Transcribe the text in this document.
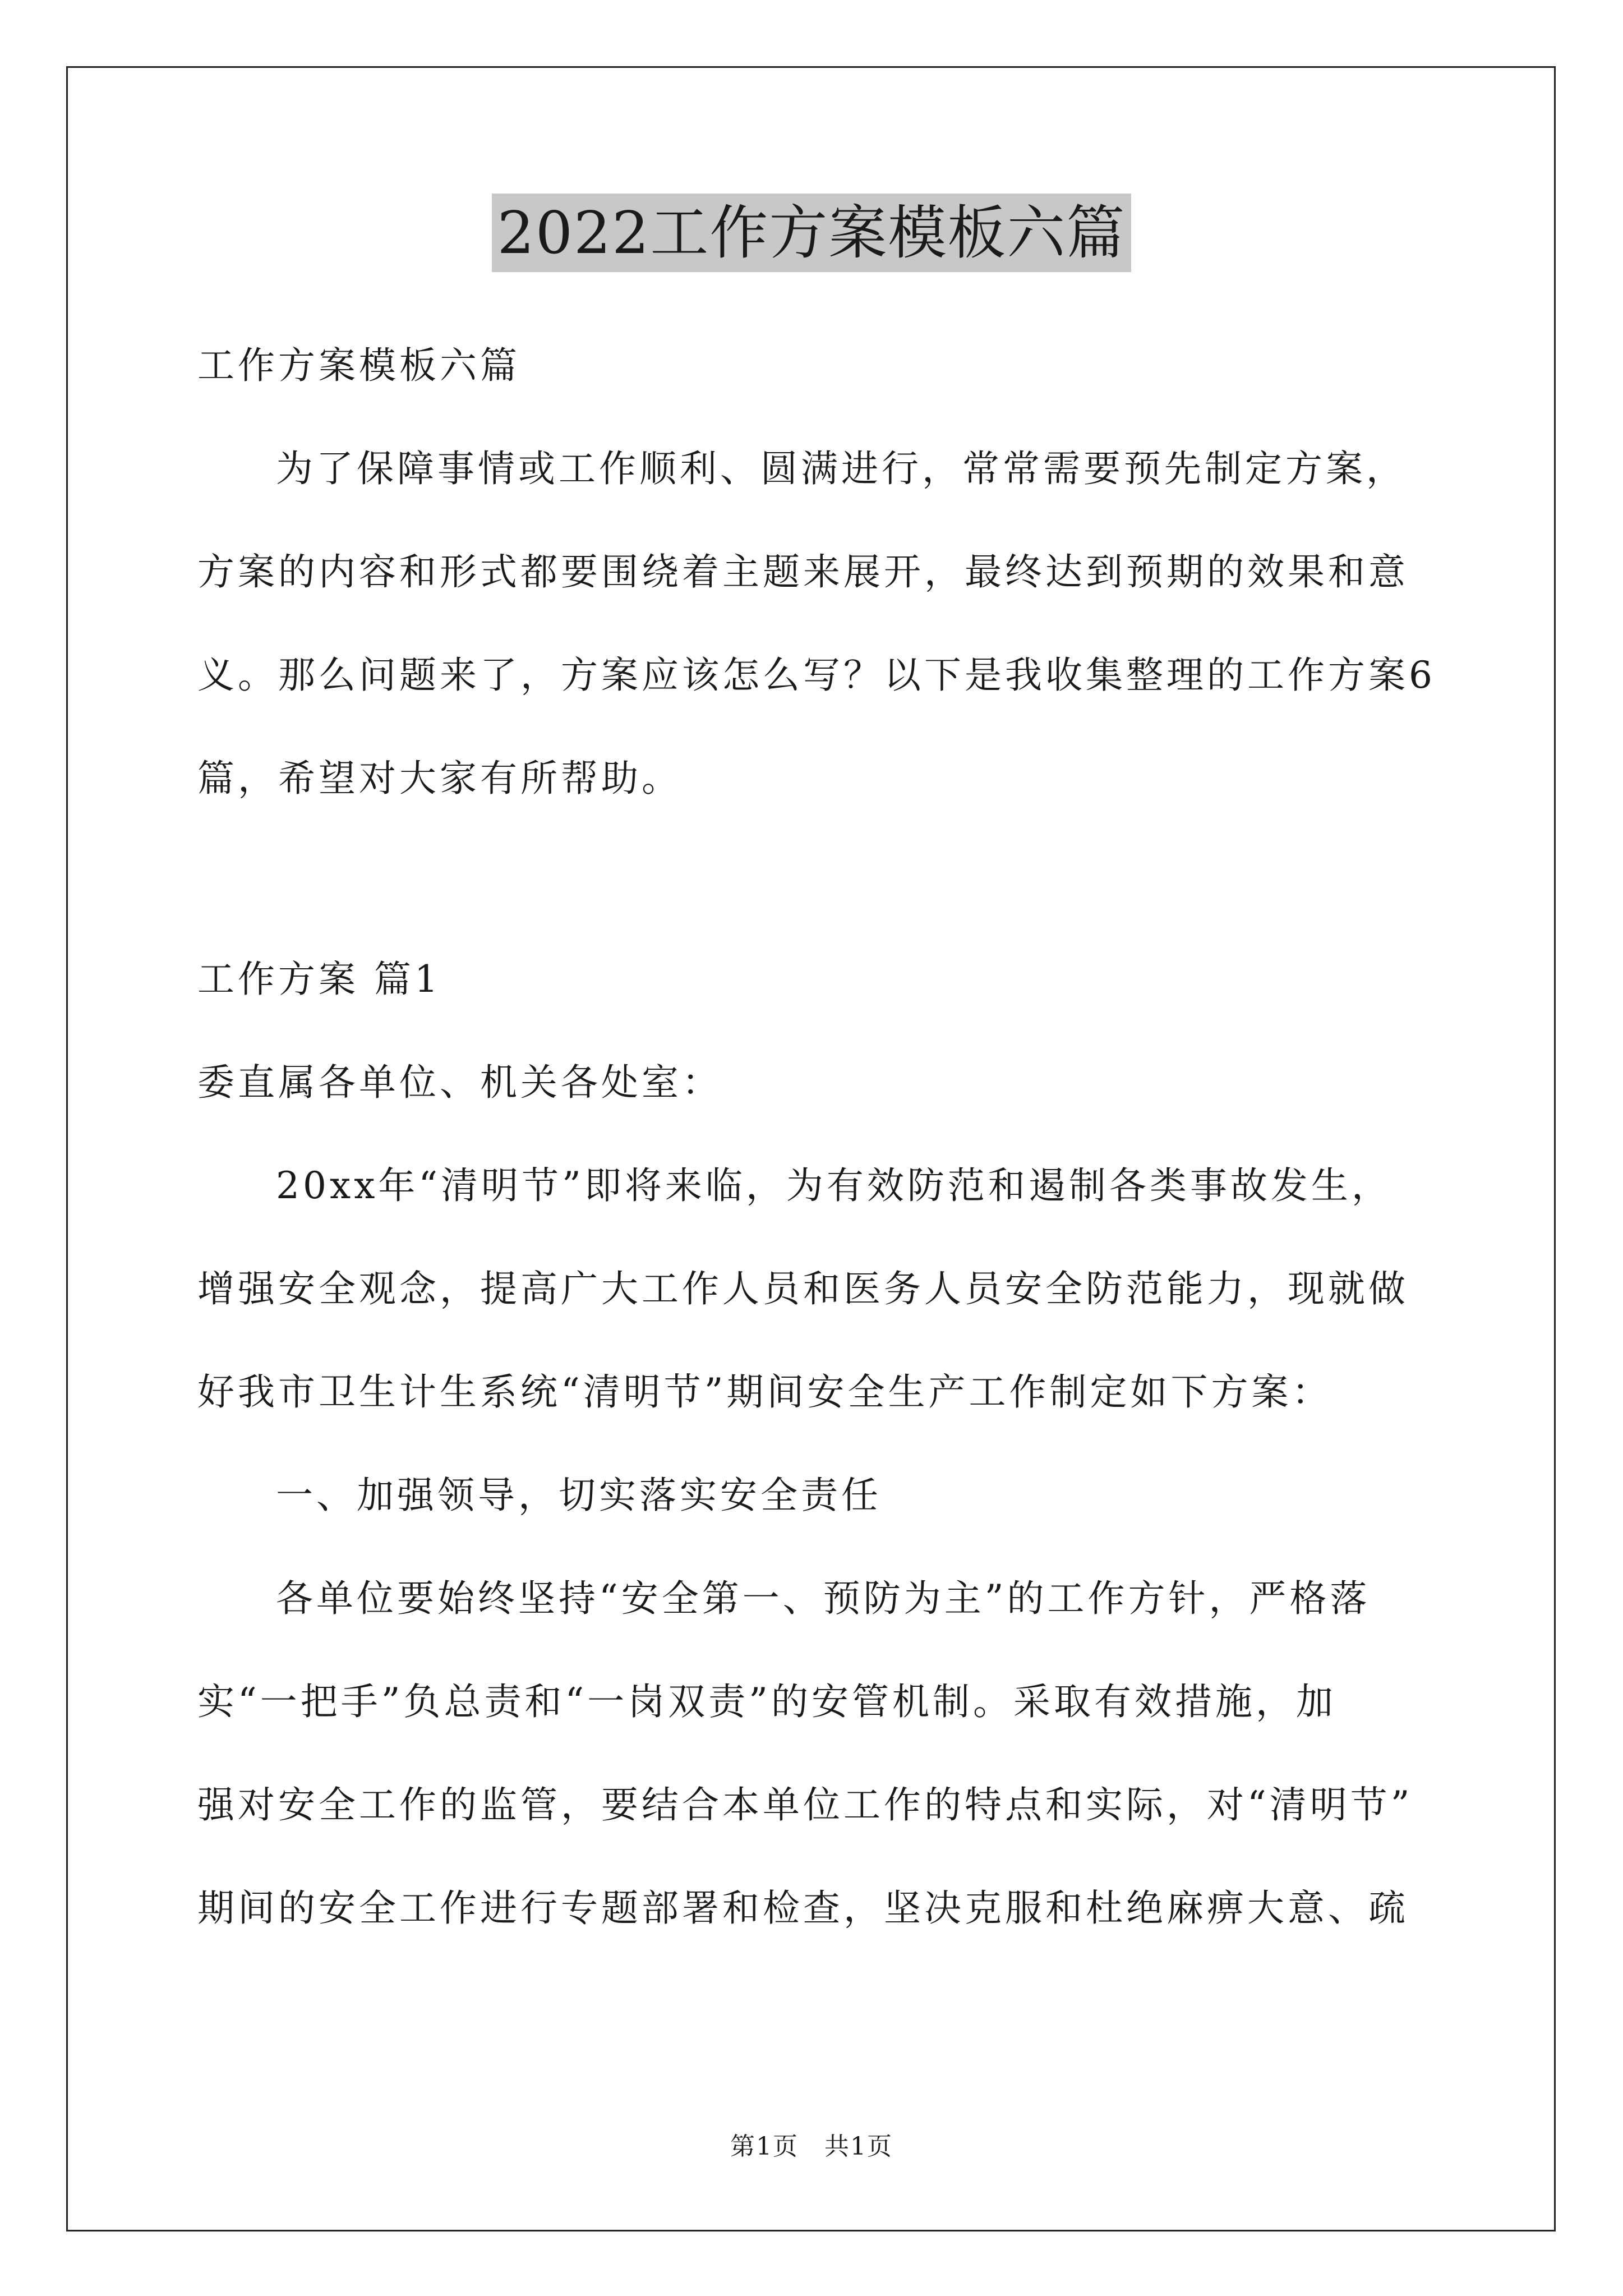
2022工作方案模板六篇
工作方案模板六篇
为了保障事情或工作顺利、圆满进行，常常需要预先制定方案，
方案的内容和形式都要围绕着主题来展开，最终达到预期的效果和意
义。那么问题来了，方案应该怎么写？以下是我收集整理的工作方案6
篇，希望对大家有所帮助。
工作方案 篇1
委直属各单位、机关各处室：
20xx年“清明节”即将来临，为有效防范和遏制各类事故发生，
增强安全观念，提高广大工作人员和医务人员安全防范能力，现就做
好我市卫生计生系统“清明节”期间安全生产工作制定如下方案：
一、加强领导，切实落实安全责任
各单位要始终坚持“安全第一、预防为主”的工作方针，严格落
实“一把手”负总责和“一岗双责”的安管机制。采取有效措施，加
强对安全工作的监管，要结合本单位工作的特点和实际，对“清明节”
期间的安全工作进行专题部署和检查，坚决克服和杜绝麻痹大意、疏
第1页　共1页
